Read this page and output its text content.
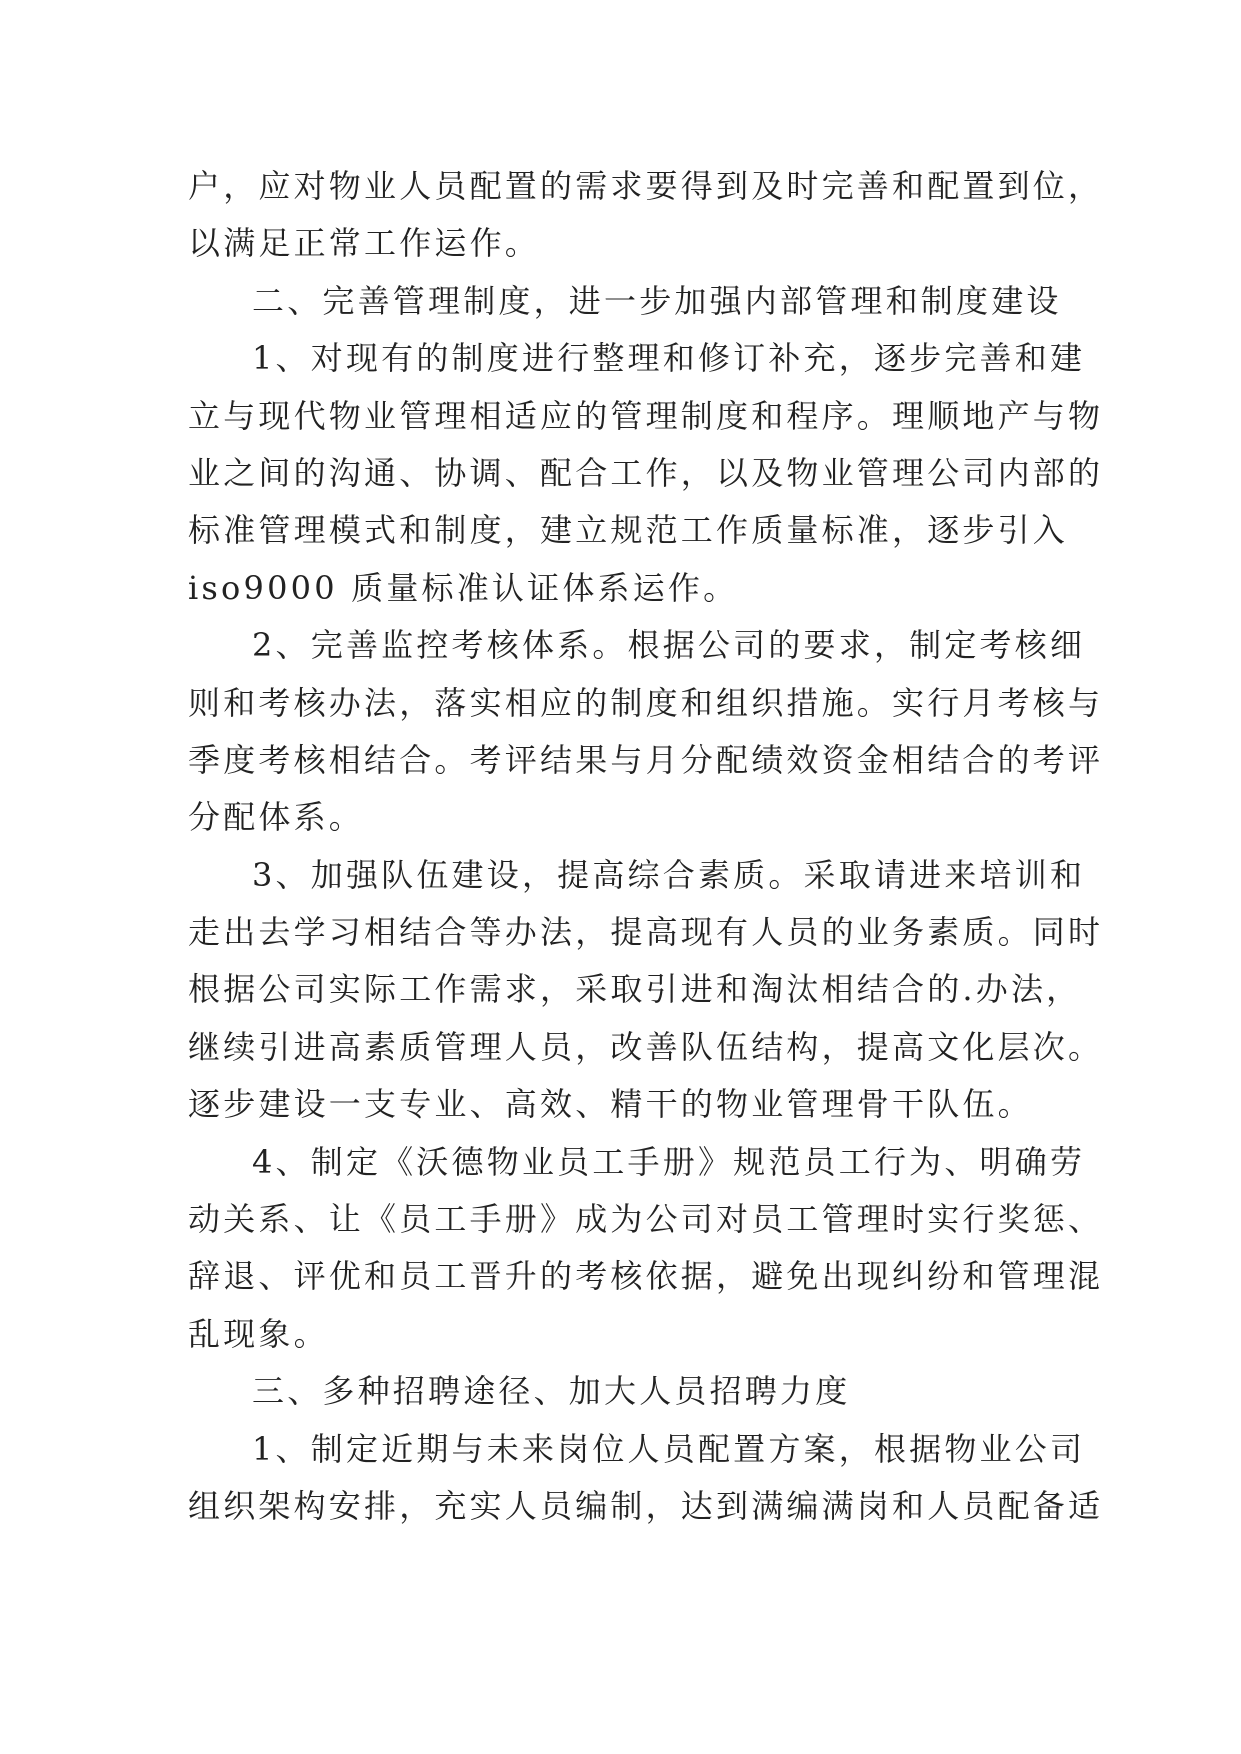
户，应对物业人员配置的需求要得到及时完善和配置到位，
以满足正常工作运作。
二、完善管理制度，进一步加强内部管理和制度建设
1、对现有的制度进行整理和修订补充，逐步完善和建
立与现代物业管理相适应的管理制度和程序。理顺地产与物
业之间的沟通、协调、配合工作，以及物业管理公司内部的
标准管理模式和制度，建立规范工作质量标准，逐步引入
iso9000 质量标准认证体系运作。
2、完善监控考核体系。根据公司的要求，制定考核细
则和考核办法，落实相应的制度和组织措施。实行月考核与
季度考核相结合。考评结果与月分配绩效资金相结合的考评
分配体系。
3、加强队伍建设，提高综合素质。采取请进来培训和
走出去学习相结合等办法，提高现有人员的业务素质。同时
根据公司实际工作需求，采取引进和淘汰相结合的.办法，
继续引进高素质管理人员，改善队伍结构，提高文化层次。
逐步建设一支专业、高效、精干的物业管理骨干队伍。
4、制定《沃德物业员工手册》规范员工行为、明确劳
动关系、让《员工手册》成为公司对员工管理时实行奖惩、
辞退、评优和员工晋升的考核依据，避免出现纠纷和管理混
乱现象。
三、多种招聘途径、加大人员招聘力度
1、制定近期与未来岗位人员配置方案，根据物业公司
组织架构安排，充实人员编制，达到满编满岗和人员配备适
